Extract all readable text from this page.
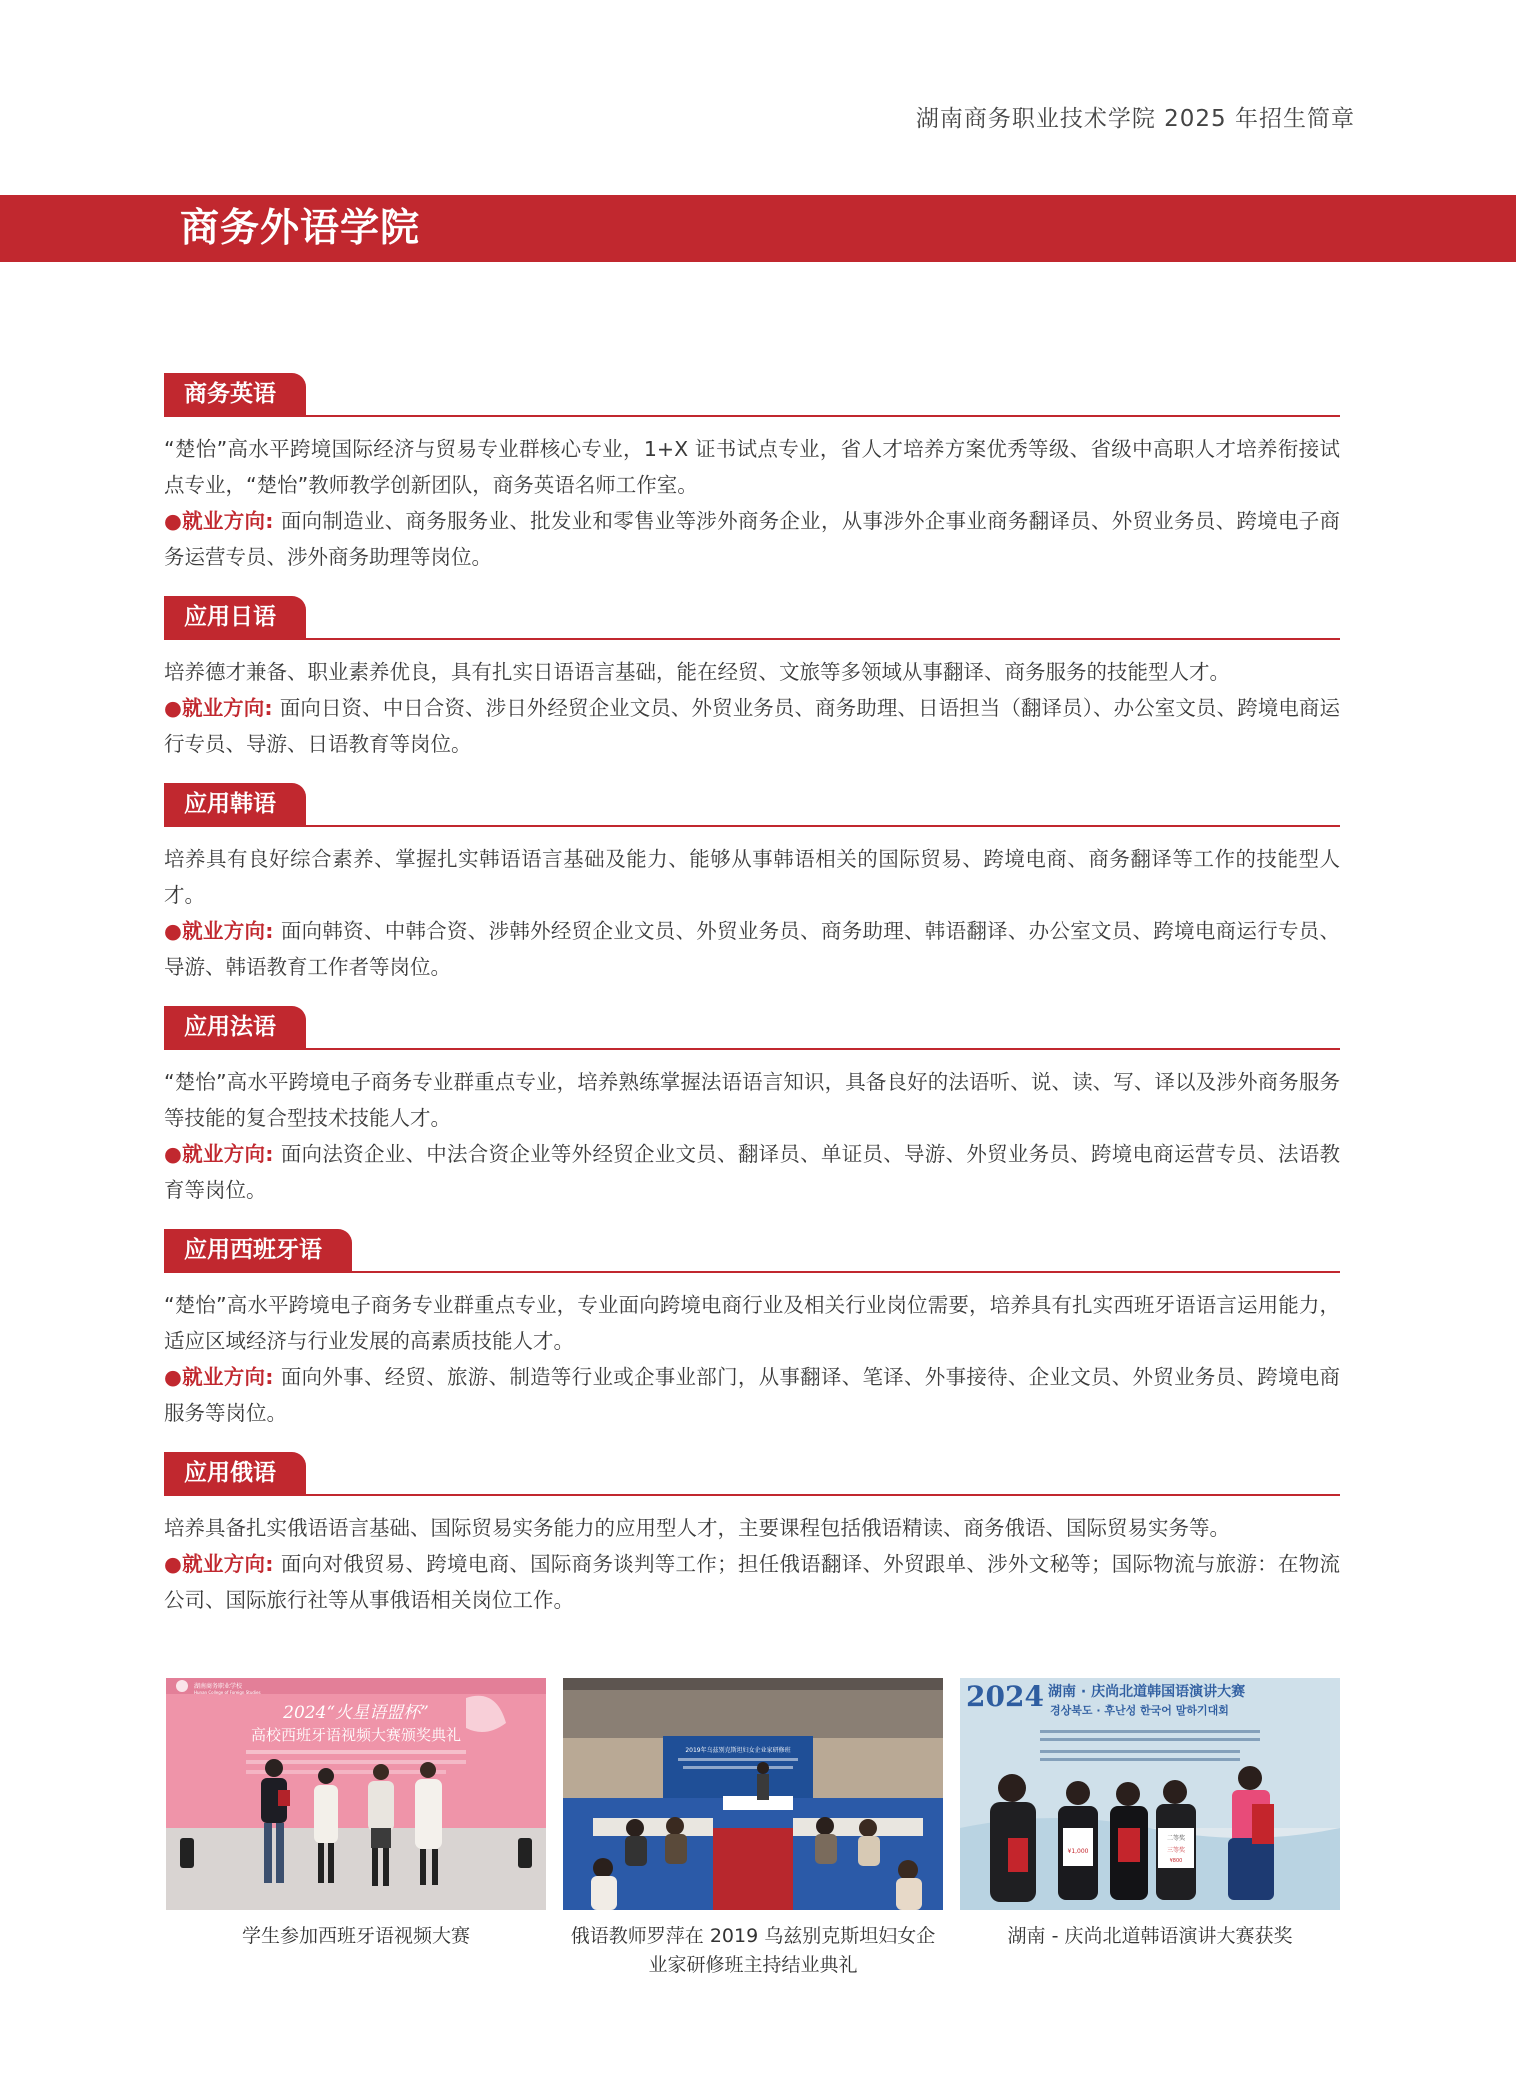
湖南商务职业技术学院 2025 年招生简章
商务外语学院
商务英语

“楚怡”高水平跨境国际经济与贸易专业群核心专业，1+X 证书试点专业，省人才培养方案优秀等级、省级中高职人才培养衔接试点专业，“楚怡”教师教学创新团队，商务英语名师工作室。

●就业方向: 面向制造业、商务服务业、批发业和零售业等涉外商务企业，从事涉外企事业商务翻译员、外贸业务员、跨境电子商务运营专员、涉外商务助理等岗位。

应用日语

培养德才兼备、职业素养优良，具有扎实日语语言基础，能在经贸、文旅等多领域从事翻译、商务服务的技能型人才。

●就业方向: 面向日资、中日合资、涉日外经贸企业文员、外贸业务员、商务助理、日语担当（翻译员）、办公室文员、跨境电商运行专员、导游、日语教育等岗位。

应用韩语

培养具有良好综合素养、掌握扎实韩语语言基础及能力、能够从事韩语相关的国际贸易、跨境电商、商务翻译等工作的技能型人才。

●就业方向: 面向韩资、中韩合资、涉韩外经贸企业文员、外贸业务员、商务助理、韩语翻译、办公室文员、跨境电商运行专员、导游、韩语教育工作者等岗位。

应用法语

“楚怡”高水平跨境电子商务专业群重点专业，培养熟练掌握法语语言知识，具备良好的法语听、说、读、写、译以及涉外商务服务等技能的复合型技术技能人才。

●就业方向: 面向法资企业、中法合资企业等外经贸企业文员、翻译员、单证员、导游、外贸业务员、跨境电商运营专员、法语教育等岗位。

应用西班牙语

“楚怡”高水平跨境电子商务专业群重点专业，专业面向跨境电商行业及相关行业岗位需要，培养具有扎实西班牙语语言运用能力，适应区域经济与行业发展的高素质技能人才。

●就业方向: 面向外事、经贸、旅游、制造等行业或企事业部门，从事翻译、笔译、外事接待、企业文员、外贸业务员、跨境电商服务等岗位。

应用俄语

培养具备扎实俄语语言基础、国际贸易实务能力的应用型人才，主要课程包括俄语精读、商务俄语、国际贸易实务等。

●就业方向: 面向对俄贸易、跨境电商、国际商务谈判等工作；担任俄语翻译、外贸跟单、涉外文秘等；国际物流与旅游：在物流公司、国际旅行社等从事俄语相关岗位工作。

湖南商务职业学校
Hunan College of Foreign Studies
2024“火星语盟杯”
高校西班牙语视频大赛颁奖典礼
学生参加西班牙语视频大赛
2019年乌兹别克斯坦妇女企业家研修班
俄语教师罗萍在 2019 乌兹别克斯坦妇女企业家研修班主持结业典礼
2024 湖南 · 庆尚北道韩国语演讲大赛
경상북도 · 후난성 한국어 말하기대회
¥1,000
二等奖
三等奖
¥800
湖南 - 庆尚北道韩语演讲大赛获奖
